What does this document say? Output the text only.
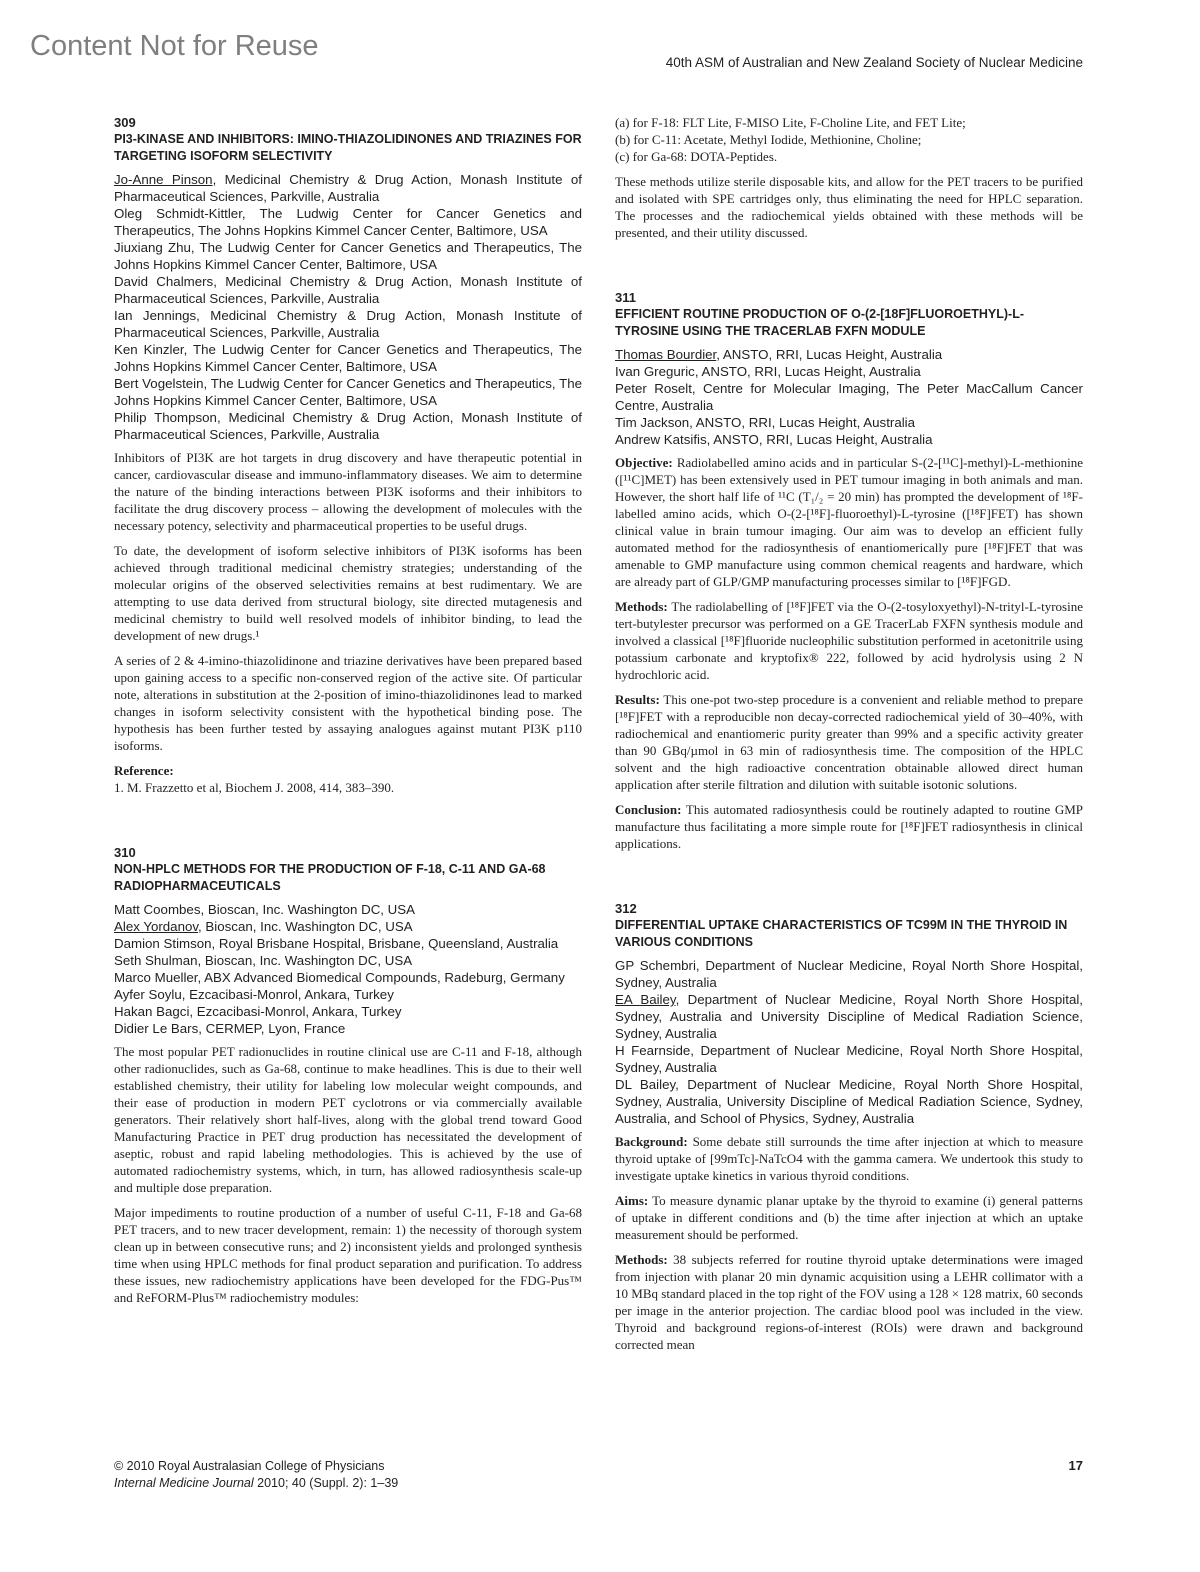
Content Not for Reuse
40th ASM of Australian and New Zealand Society of Nuclear Medicine
309
PI3-KINASE AND INHIBITORS: IMINO-THIAZOLIDINONES AND TRIAZINES FOR TARGETING ISOFORM SELECTIVITY
Jo-Anne Pinson, Medicinal Chemistry & Drug Action, Monash Institute of Pharmaceutical Sciences, Parkville, Australia
Oleg Schmidt-Kittler, The Ludwig Center for Cancer Genetics and Therapeutics, The Johns Hopkins Kimmel Cancer Center, Baltimore, USA
Jiuxiang Zhu, The Ludwig Center for Cancer Genetics and Therapeutics, The Johns Hopkins Kimmel Cancer Center, Baltimore, USA
David Chalmers, Medicinal Chemistry & Drug Action, Monash Institute of Pharmaceutical Sciences, Parkville, Australia
Ian Jennings, Medicinal Chemistry & Drug Action, Monash Institute of Pharmaceutical Sciences, Parkville, Australia
Ken Kinzler, The Ludwig Center for Cancer Genetics and Therapeutics, The Johns Hopkins Kimmel Cancer Center, Baltimore, USA
Bert Vogelstein, The Ludwig Center for Cancer Genetics and Therapeutics, The Johns Hopkins Kimmel Cancer Center, Baltimore, USA
Philip Thompson, Medicinal Chemistry & Drug Action, Monash Institute of Pharmaceutical Sciences, Parkville, Australia

Inhibitors of PI3K are hot targets in drug discovery and have therapeutic potential in cancer, cardiovascular disease and immuno-inflammatory diseases. We aim to determine the nature of the binding interactions between PI3K isoforms and their inhibitors to facilitate the drug discovery process – allowing the development of molecules with the necessary potency, selectivity and pharmaceutical properties to be useful drugs.

To date, the development of isoform selective inhibitors of PI3K isoforms has been achieved through traditional medicinal chemistry strategies; understanding of the molecular origins of the observed selectivities remains at best rudimentary. We are attempting to use data derived from structural biology, site directed mutagenesis and medicinal chemistry to build well resolved models of inhibitor binding, to lead the development of new drugs.¹

A series of 2 & 4-imino-thiazolidinone and triazine derivatives have been prepared based upon gaining access to a specific non-conserved region of the active site. Of particular note, alterations in substitution at the 2-position of imino-thiazolidinones lead to marked changes in isoform selectivity consistent with the hypothetical binding pose. The hypothesis has been further tested by assaying analogues against mutant PI3K p110 isoforms.

Reference:
1. M. Frazzetto et al, Biochem J. 2008, 414, 383–390.
310
NON-HPLC METHODS FOR THE PRODUCTION OF F-18, C-11 AND GA-68 RADIOPHARMACEUTICALS
Matt Coombes, Bioscan, Inc. Washington DC, USA
Alex Yordanov, Bioscan, Inc. Washington DC, USA
Damion Stimson, Royal Brisbane Hospital, Brisbane, Queensland, Australia
Seth Shulman, Bioscan, Inc. Washington DC, USA
Marco Mueller, ABX Advanced Biomedical Compounds, Radeburg, Germany
Ayfer Soylu, Ezcacibasi-Monrol, Ankara, Turkey
Hakan Bagci, Ezcacibasi-Monrol, Ankara, Turkey
Didier Le Bars, CERMEP, Lyon, France

The most popular PET radionuclides in routine clinical use are C-11 and F-18, although other radionuclides, such as Ga-68, continue to make headlines. This is due to their well established chemistry, their utility for labeling low molecular weight compounds, and their ease of production in modern PET cyclotrons or via commercially available generators. Their relatively short half-lives, along with the global trend toward Good Manufacturing Practice in PET drug production has necessitated the development of aseptic, robust and rapid labeling methodologies. This is achieved by the use of automated radiochemistry systems, which, in turn, has allowed radiosynthesis scale-up and multiple dose preparation.

Major impediments to routine production of a number of useful C-11, F-18 and Ga-68 PET tracers, and to new tracer development, remain: 1) the necessity of thorough system clean up in between consecutive runs; and 2) inconsistent yields and prolonged synthesis time when using HPLC methods for final product separation and purification. To address these issues, new radiochemistry applications have been developed for the FDG-Pus™ and ReFORM-Plus™ radiochemistry modules:

(a) for F-18: FLT Lite, F-MISO Lite, F-Choline Lite, and FET Lite;
(b) for C-11: Acetate, Methyl Iodide, Methionine, Choline;
(c) for Ga-68: DOTA-Peptides.

These methods utilize sterile disposable kits, and allow for the PET tracers to be purified and isolated with SPE cartridges only, thus eliminating the need for HPLC separation. The processes and the radiochemical yields obtained with these methods will be presented, and their utility discussed.

311
EFFICIENT ROUTINE PRODUCTION OF O-(2-[18F]FLUOROETHYL)-L-TYROSINE USING THE TRACERLAB FXFN MODULE
Thomas Bourdier, ANSTO, RRI, Lucas Height, Australia
Ivan Greguric, ANSTO, RRI, Lucas Height, Australia
Peter Roselt, Centre for Molecular Imaging, The Peter MacCallum Cancer Centre, Australia
Tim Jackson, ANSTO, RRI, Lucas Height, Australia
Andrew Katsifis, ANSTO, RRI, Lucas Height, Australia

Objective: Radiolabelled amino acids and in particular S-(2-[¹¹C]-methyl)-L-methionine ([¹¹C]MET) has been extensively used in PET tumour imaging in both animals and man. However, the short half life of ¹¹C (T₁/₂ = 20 min) has prompted the development of ¹⁸F-labelled amino acids, which O-(2-[¹⁸F]-fluoroethyl)-L-tyrosine ([¹⁸F]FET) has shown clinical value in brain tumour imaging. Our aim was to develop an efficient fully automated method for the radiosynthesis of enantiomerically pure [¹⁸F]FET that was amenable to GMP manufacture using common chemical reagents and hardware, which are already part of GLP/GMP manufacturing processes similar to [¹⁸F]FGD.

Methods: The radiolabelling of [¹⁸F]FET via the O-(2-tosyloxyethyl)-N-trityl-L-tyrosine tert-butylester precursor was performed on a GE TracerLab FXFN synthesis module and involved a classical [¹⁸F]fluoride nucleophilic substitution performed in acetonitrile using potassium carbonate and kryptofix® 222, followed by acid hydrolysis using 2 N hydrochloric acid.

Results: This one-pot two-step procedure is a convenient and reliable method to prepare [¹⁸F]FET with a reproducible non decay-corrected radiochemical yield of 30–40%, with radiochemical and enantiomeric purity greater than 99% and a specific activity greater than 90 GBq/µmol in 63 min of radiosynthesis time. The composition of the HPLC solvent and the high radioactive concentration obtainable allowed direct human application after sterile filtration and dilution with suitable isotonic solutions.

Conclusion: This automated radiosynthesis could be routinely adapted to routine GMP manufacture thus facilitating a more simple route for [¹⁸F]FET radiosynthesis in clinical applications.

312
DIFFERENTIAL UPTAKE CHARACTERISTICS OF TC99M IN THE THYROID IN VARIOUS CONDITIONS
GP Schembri, Department of Nuclear Medicine, Royal North Shore Hospital, Sydney, Australia
EA Bailey, Department of Nuclear Medicine, Royal North Shore Hospital, Sydney, Australia and University Discipline of Medical Radiation Science, Sydney, Australia
H Fearnside, Department of Nuclear Medicine, Royal North Shore Hospital, Sydney, Australia
DL Bailey, Department of Nuclear Medicine, Royal North Shore Hospital, Sydney, Australia, University Discipline of Medical Radiation Science, Sydney, Australia, and School of Physics, Sydney, Australia

Background: Some debate still surrounds the time after injection at which to measure thyroid uptake of [99mTc]-NaTcO4 with the gamma camera. We undertook this study to investigate uptake kinetics in various thyroid conditions.

Aims: To measure dynamic planar uptake by the thyroid to examine (i) general patterns of uptake in different conditions and (b) the time after injection at which an uptake measurement should be performed.

Methods: 38 subjects referred for routine thyroid uptake determinations were imaged from injection with planar 20 min dynamic acquisition using a LEHR collimator with a 10 MBq standard placed in the top right of the FOV using a 128 × 128 matrix, 60 seconds per image in the anterior projection. The cardiac blood pool was included in the view. Thyroid and background regions-of-interest (ROIs) were drawn and background corrected mean

© 2010 Royal Australasian College of Physicians
Internal Medicine Journal 2010; 40 (Suppl. 2): 1–39
17
